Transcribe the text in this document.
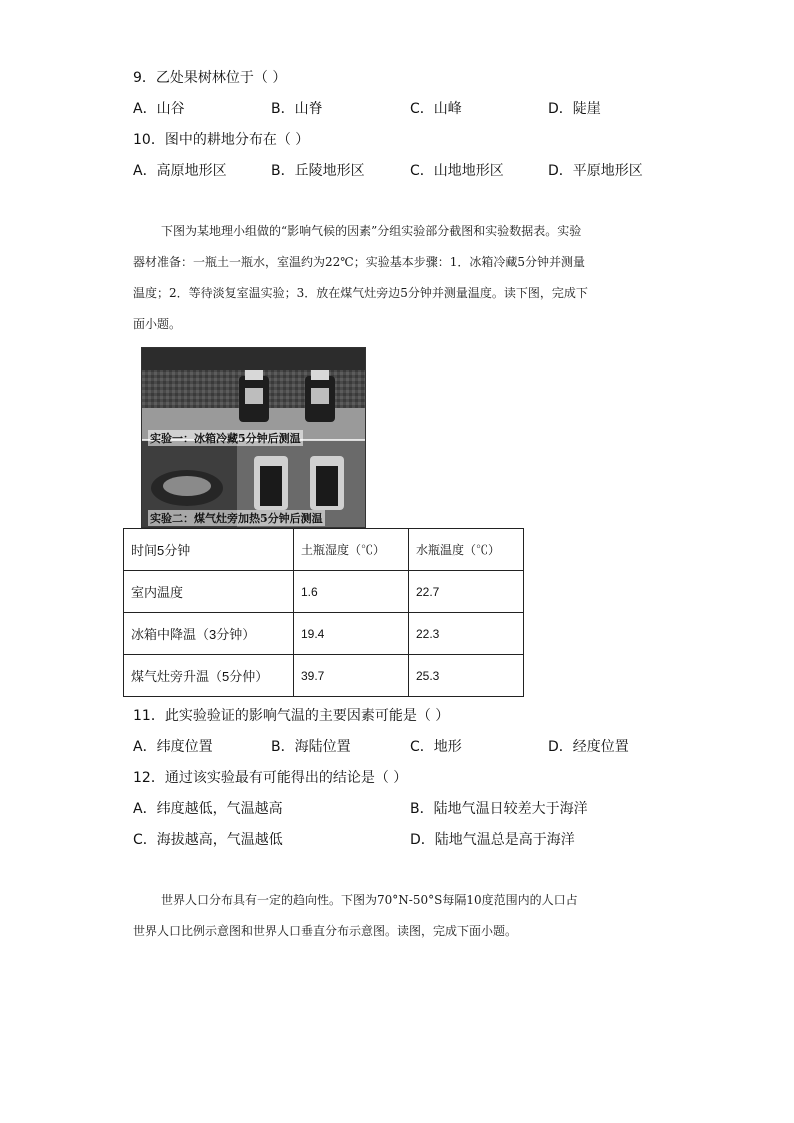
9．乙处果树林位于（ ）
A．山谷	B．山脊	C．山峰	D．陡崖
10．图中的耕地分布在（ ）
A．高原地形区	B．丘陵地形区	C．山地地形区	D．平原地形区
下图为某地理小组做的“影响气候的因素”分组实验部分截图和实验数据表。实验
器材准备：一瓶土一瓶水，室温约为22℃；实验基本步骤：1．冰箱冷藏5分钟并测量
温度；2．等待淡复室温实验；3．放在煤气灶旁边5分钟并测量温度。读下图，完成下
面小题。
实验一：冰箱冷藏5分钟后测温
实验二：煤气灶旁加热5分钟后测温
时间5分钟	土瓶湿度（℃）	水瓶温度（℃）
室内温度	1.6	22.7
冰箱中降温（3分钟）	19.4	22.3
煤气灶旁升温（5分仲）	39.7	25.3
11．此实验验证的影响气温的主要因素可能是（ ）
A．纬度位置	B．海陆位置	C．地形	D．经度位置
12．通过该实验最有可能得出的结论是（ ）
A．纬度越低，气温越高	B．陆地气温日较差大于海洋
C．海拔越高，气温越低	D．陆地气温总是高于海洋
世界人口分布具有一定的趋向性。下图为70°N-50°S每隔10度范围内的人口占
世界人口比例示意图和世界人口垂直分布示意图。读图，完成下面小题。
